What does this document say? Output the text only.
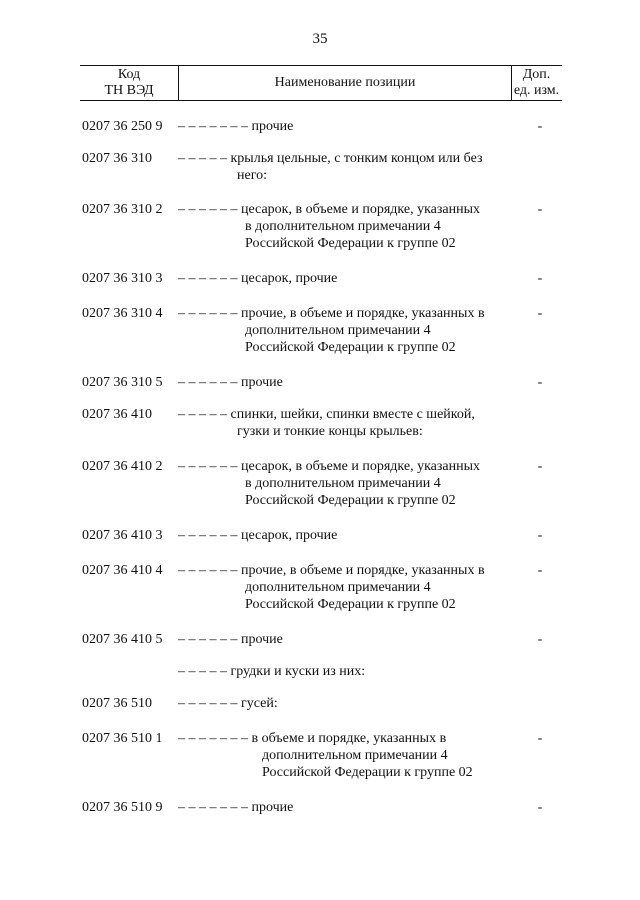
35
Код
ТН ВЭД
Наименование позиции
Доп.
ед. изм.
0207 36 250 9 – – – – – – – прочие	-
0207 36 310 – – – – – крылья цельные, с тонким концом или без
него:
0207 36 310 2 – – – – – – цесарок, в объеме и порядке, указанных
в дополнительном примечании 4
Российской Федерации к группе 02
-
0207 36 310 3 – – – – – – цесарок, прочие	-
0207 36 310 4 – – – – – – прочие, в объеме и порядке, указанных в
дополнительном примечании 4
Российской Федерации к группе 02
-
0207 36 310 5 – – – – – – прочие	-
0207 36 410 – – – – – спинки, шейки, спинки вместе с шейкой,
гузки и тонкие концы крыльев:
0207 36 410 2 – – – – – – цесарок, в объеме и порядке, указанных
в дополнительном примечании 4
Российской Федерации к группе 02
-
0207 36 410 3 – – – – – – цесарок, прочие	-
0207 36 410 4 – – – – – – прочие, в объеме и порядке, указанных в
дополнительном примечании 4
Российской Федерации к группе 02
-
0207 36 410 5 – – – – – – прочие	-
– – – – – грудки и куски из них:
0207 36 510 – – – – – – гусей:
0207 36 510 1 – – – – – – – в объеме и порядке, указанных в
дополнительном примечании 4
Российской Федерации к группе 02
-
0207 36 510 9 – – – – – – – прочие	-
